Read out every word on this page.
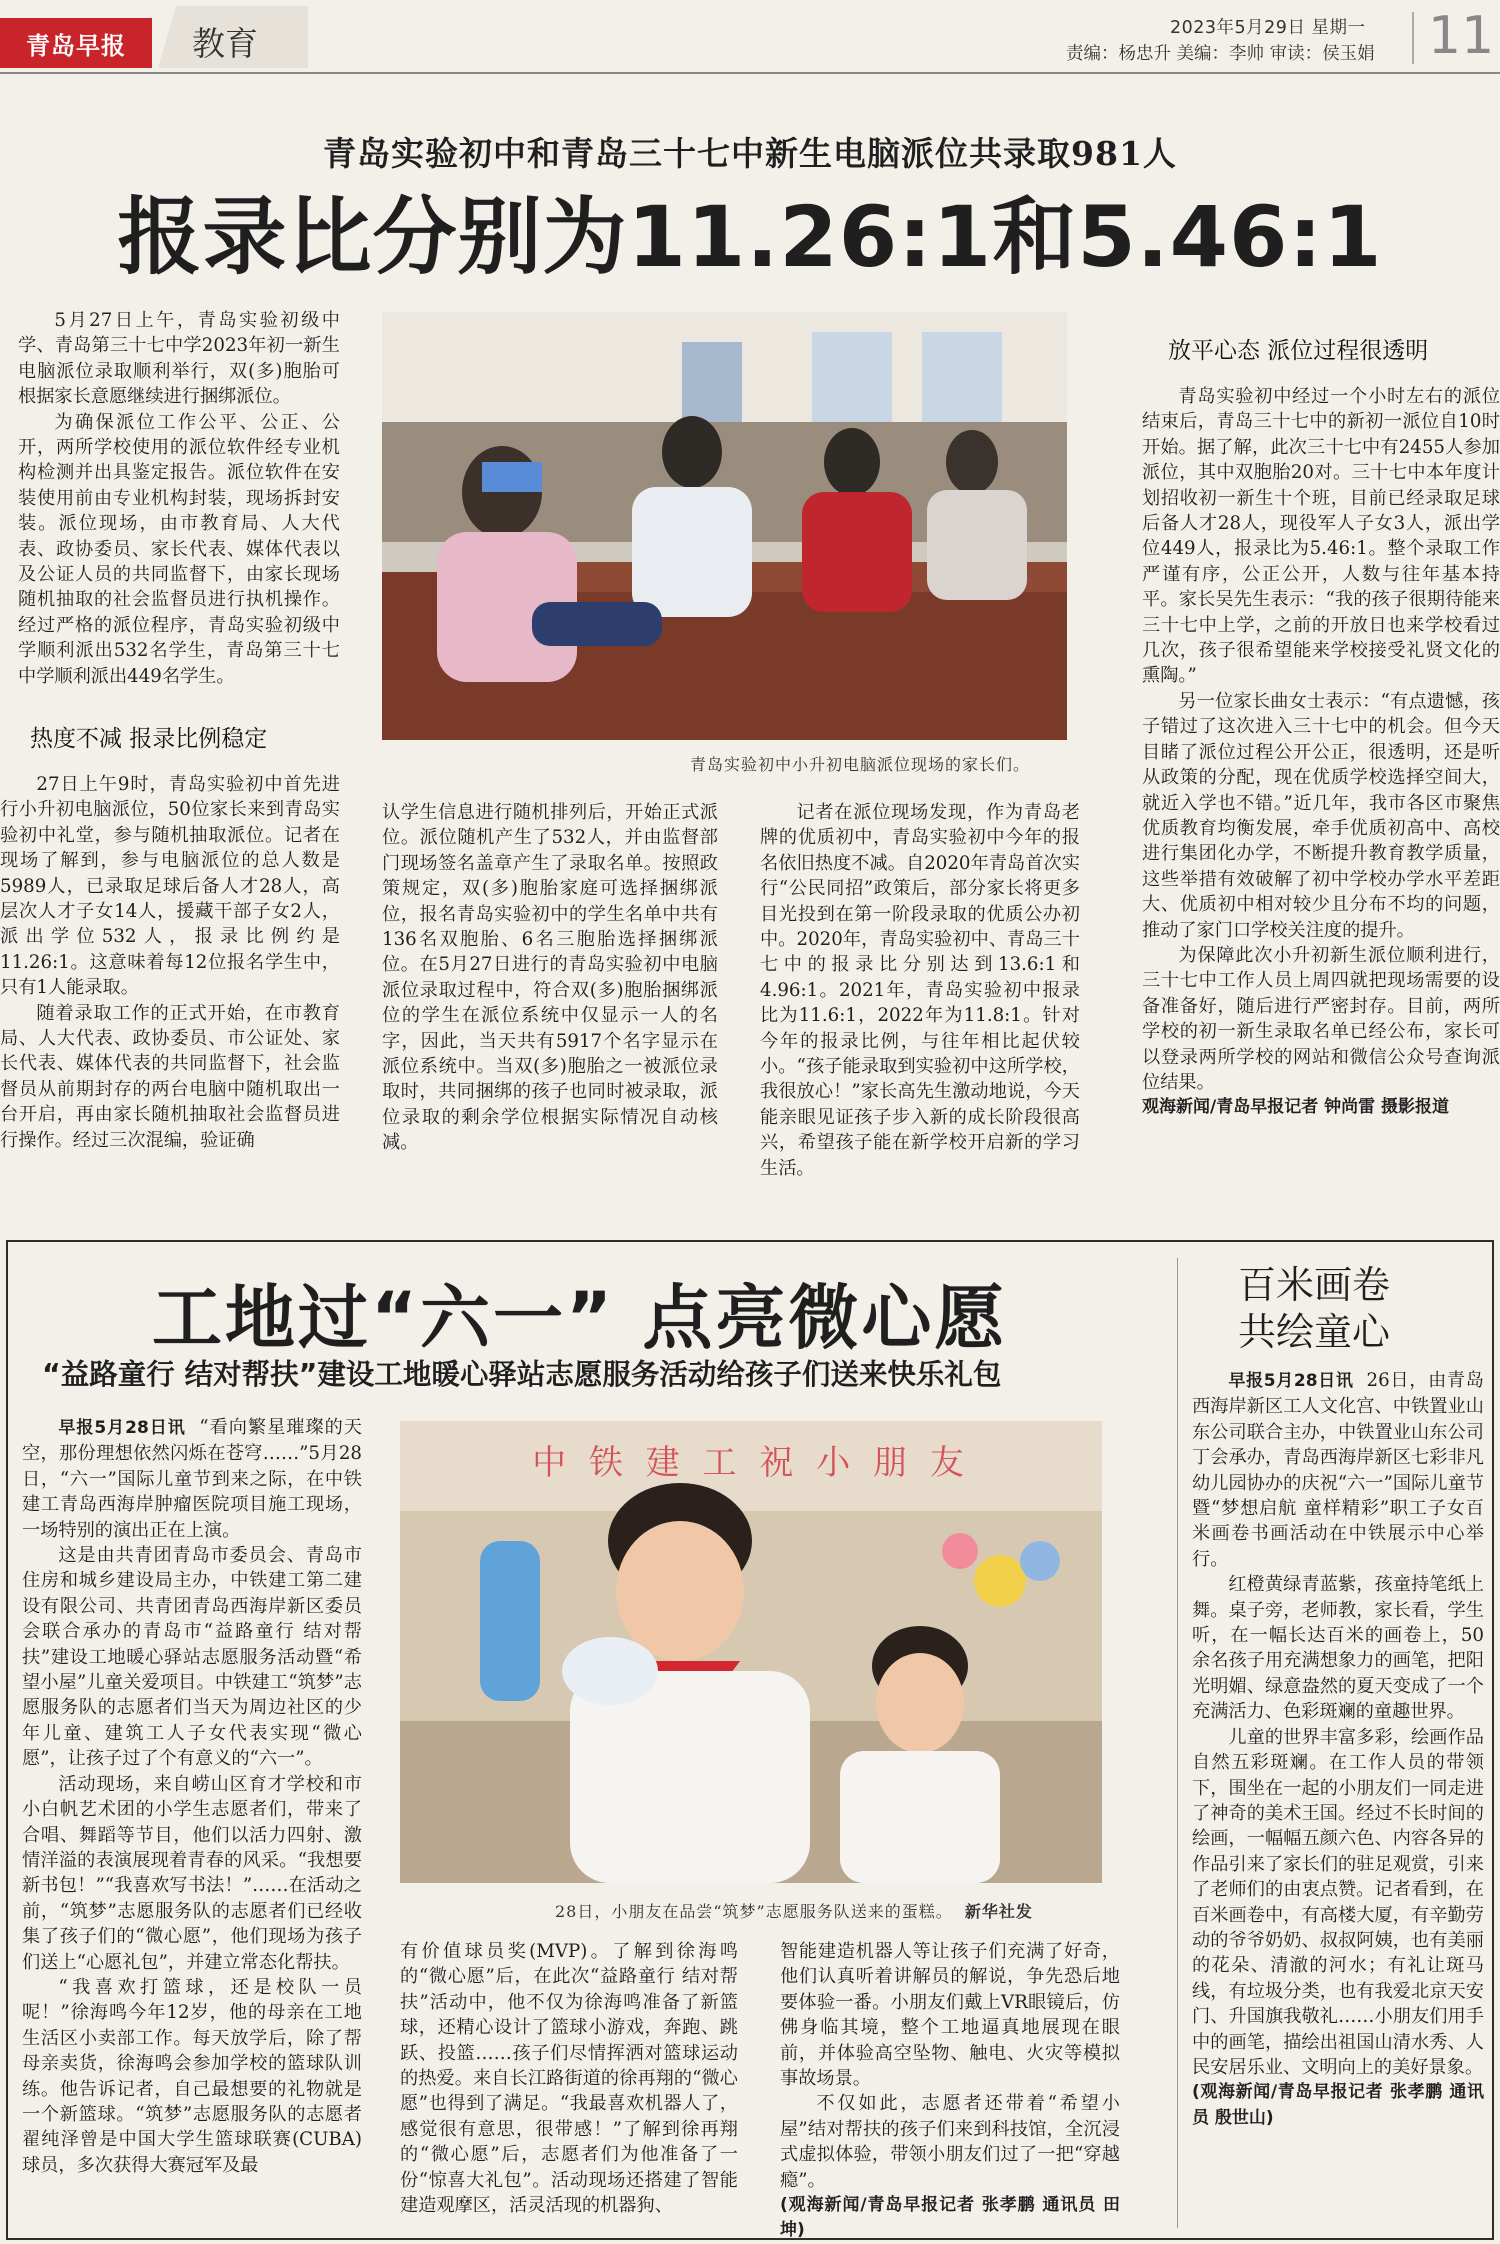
青岛早报 教育	2023年5月29日 星期一
责编：杨忠升 美编：李帅 审读：侯玉娟 11
青岛实验初中和青岛三十七中新生电脑派位共录取981人
报录比分别为11.26:1和5.46:1

5月27日上午，青岛实验初级中学、青岛第三十七中学2023年初一新生电脑派位录取顺利举行，双(多)胞胎可根据家长意愿继续进行捆绑派位。

为确保派位工作公平、公正、公开，两所学校使用的派位软件经专业机构检测并出具鉴定报告。派位软件在安装使用前由专业机构封装，现场拆封安装。派位现场，由市教育局、人大代表、政协委员、家长代表、媒体代表以及公证人员的共同监督下，由家长现场随机抽取的社会监督员进行执机操作。经过严格的派位程序，青岛实验初级中学顺利派出532名学生，青岛第三十七中学顺利派出449名学生。

热度不减 报录比例稳定

27日上午9时，青岛实验初中首先进行小升初电脑派位，50位家长来到青岛实验初中礼堂，参与随机抽取派位。记者在现场了解到，参与电脑派位的总人数是5989人，已录取足球后备人才28人，高层次人才子女14人，援藏干部子女2人，派出学位532人，报录比例约是11.26:1。这意味着每12位报名学生中，只有1人能录取。

随着录取工作的正式开始，在市教育局、人大代表、政协委员、市公证处、家长代表、媒体代表的共同监督下，社会监督员从前期封存的两台电脑中随机取出一台开启，再由家长随机抽取社会监督员进行操作。经过三次混编，验证确

青岛实验初中小升初电脑派位现场的家长们。

认学生信息进行随机排列后，开始正式派位。派位随机产生了532人，并由监督部门现场签名盖章产生了录取名单。按照政策规定，双(多)胞胎家庭可选择捆绑派位，报名青岛实验初中的学生名单中共有136名双胞胎、6名三胞胎选择捆绑派位。在5月27日进行的青岛实验初中电脑派位录取过程中，符合双(多)胞胎捆绑派位的学生在派位系统中仅显示一人的名字，因此，当天共有5917个名字显示在派位系统中。当双(多)胞胎之一被派位录取时，共同捆绑的孩子也同时被录取，派位录取的剩余学位根据实际情况自动核减。

记者在派位现场发现，作为青岛老牌的优质初中，青岛实验初中今年的报名依旧热度不减。自2020年青岛首次实行“公民同招”政策后，部分家长将更多目光投到在第一阶段录取的优质公办初中。2020年，青岛实验初中、青岛三十七中的报录比分别达到13.6:1和4.96:1。2021年，青岛实验初中报录比为11.6:1，2022年为11.8:1。针对今年的报录比例，与往年相比起伏较小。“孩子能录取到实验初中这所学校，我很放心！”家长高先生激动地说，今天能亲眼见证孩子步入新的成长阶段很高兴，希望孩子能在新学校开启新的学习生活。

放平心态 派位过程很透明

青岛实验初中经过一个小时左右的派位结束后，青岛三十七中的新初一派位自10时开始。据了解，此次三十七中有2455人参加派位，其中双胞胎20对。三十七中本年度计划招收初一新生十个班，目前已经录取足球后备人才28人，现役军人子女3人，派出学位449人，报录比为5.46:1。整个录取工作严谨有序，公正公开，人数与往年基本持平。家长吴先生表示：“我的孩子很期待能来三十七中上学，之前的开放日也来学校看过几次，孩子很希望能来学校接受礼贤文化的熏陶。”

另一位家长曲女士表示：“有点遗憾，孩子错过了这次进入三十七中的机会。但今天目睹了派位过程公开公正，很透明，还是听从政策的分配，现在优质学校选择空间大，就近入学也不错。”近几年，我市各区市聚焦优质教育均衡发展，牵手优质初高中、高校进行集团化办学，不断提升教育教学质量，这些举措有效破解了初中学校办学水平差距大、优质初中相对较少且分布不均的问题，推动了家门口学校关注度的提升。

为保障此次小升初新生派位顺利进行，三十七中工作人员上周四就把现场需要的设备准备好，随后进行严密封存。目前，两所学校的初一新生录取名单已经公布，家长可以登录两所学校的网站和微信公众号查询派位结果。

观海新闻/青岛早报记者 钟尚雷 摄影报道

工地过“六一” 点亮微心愿
“益路童行 结对帮扶”建设工地暖心驿站志愿服务活动给孩子们送来快乐礼包

早报5月28日讯 “看向繁星璀璨的天空，那份理想依然闪烁在苍穹……”5月28日，“六一”国际儿童节到来之际，在中铁建工青岛西海岸肿瘤医院项目施工现场，一场特别的演出正在上演。

这是由共青团青岛市委员会、青岛市住房和城乡建设局主办，中铁建工第二建设有限公司、共青团青岛西海岸新区委员会联合承办的青岛市“益路童行 结对帮扶”建设工地暖心驿站志愿服务活动暨“希望小屋”儿童关爱项目。中铁建工“筑梦”志愿服务队的志愿者们当天为周边社区的少年儿童、建筑工人子女代表实现“微心愿”，让孩子过了个有意义的“六一”。

活动现场，来自崂山区育才学校和市小白帆艺术团的小学生志愿者们，带来了合唱、舞蹈等节目，他们以活力四射、激情洋溢的表演展现着青春的风采。“我想要新书包！”“我喜欢写书法！”……在活动之前，“筑梦”志愿服务队的志愿者们已经收集了孩子们的“微心愿”，他们现场为孩子们送上“心愿礼包”，并建立常态化帮扶。

“我喜欢打篮球，还是校队一员呢！”徐海鸣今年12岁，他的母亲在工地生活区小卖部工作。每天放学后，除了帮母亲卖货，徐海鸣会参加学校的篮球队训练。他告诉记者，自己最想要的礼物就是一个新篮球。“筑梦”志愿服务队的志愿者翟纯泽曾是中国大学生篮球联赛(CUBA)球员，多次获得大赛冠军及最

中 铁 建 工 祝 小 朋 友
28日，小朋友在品尝“筑梦”志愿服务队送来的蛋糕。 新华社发

有价值球员奖(MVP)。了解到徐海鸣的“微心愿”后，在此次“益路童行 结对帮扶”活动中，他不仅为徐海鸣准备了新篮球，还精心设计了篮球小游戏，奔跑、跳跃、投篮……孩子们尽情挥洒对篮球运动的热爱。来自长江路街道的徐再翔的“微心愿”也得到了满足。“我最喜欢机器人了，感觉很有意思，很带感！”了解到徐再翔的“微心愿”后，志愿者们为他准备了一份“惊喜大礼包”。活动现场还搭建了智能建造观摩区，活灵活现的机器狗、

智能建造机器人等让孩子们充满了好奇，他们认真听着讲解员的解说，争先恐后地要体验一番。小朋友们戴上VR眼镜后，仿佛身临其境，整个工地逼真地展现在眼前，并体验高空坠物、触电、火灾等模拟事故场景。

不仅如此，志愿者还带着“希望小屋”结对帮扶的孩子们来到科技馆，全沉浸式虚拟体验，带领小朋友们过了一把“穿越瘾”。

(观海新闻/青岛早报记者 张孝鹏 通讯员 田坤)

百米画卷
共绘童心

早报5月28日讯 26日，由青岛西海岸新区工人文化宫、中铁置业山东公司联合主办，中铁置业山东公司丁会承办，青岛西海岸新区七彩非凡幼儿园协办的庆祝“六一”国际儿童节暨“梦想启航 童样精彩”职工子女百米画卷书画活动在中铁展示中心举行。

红橙黄绿青蓝紫，孩童持笔纸上舞。桌子旁，老师教，家长看，学生听，在一幅长达百米的画卷上，50余名孩子用充满想象力的画笔，把阳光明媚、绿意盎然的夏天变成了一个充满活力、色彩斑斓的童趣世界。

儿童的世界丰富多彩，绘画作品自然五彩斑斓。在工作人员的带领下，围坐在一起的小朋友们一同走进了神奇的美术王国。经过不长时间的绘画，一幅幅五颜六色、内容各异的作品引来了家长们的驻足观赏，引来了老师们的由衷点赞。记者看到，在百米画卷中，有高楼大厦，有辛勤劳动的爷爷奶奶、叔叔阿姨，也有美丽的花朵、清澈的河水；有礼让斑马线，有垃圾分类，也有我爱北京天安门、升国旗我敬礼……小朋友们用手中的画笔，描绘出祖国山清水秀、人民安居乐业、文明向上的美好景象。

(观海新闻/青岛早报记者 张孝鹏 通讯员 殷世山)
